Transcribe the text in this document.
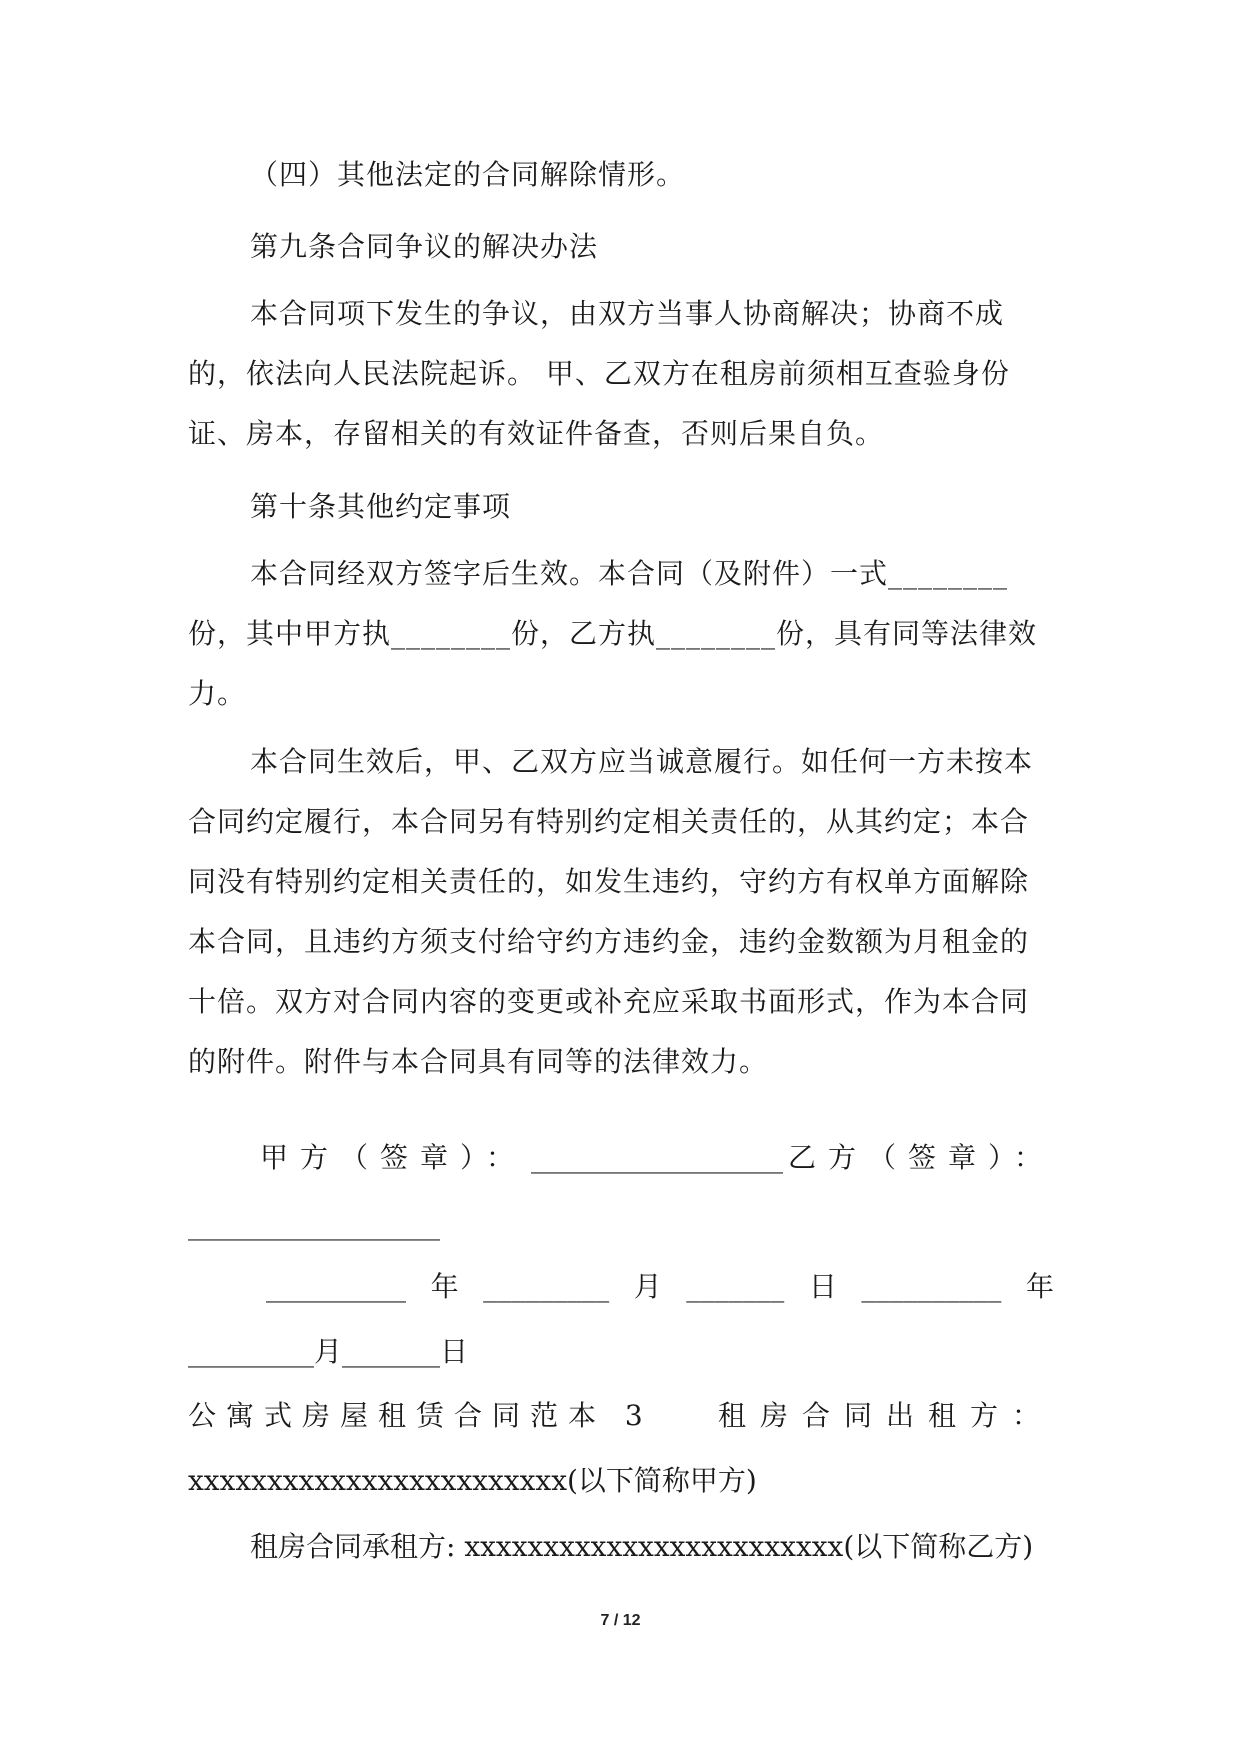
（四）其他法定的合同解除情形。
第九条合同争议的解决办法
本合同项下发生的争议，由双方当事人协商解决；协商不成的，依法向人民法院起诉。 甲、乙双方在租房前须相互查验身份证、房本，存留相关的有效证件备查，否则后果自负。
第十条其他约定事项
本合同经双方签字后生效。本合同（及附件）一式________份，其中甲方执________份，乙方执________份，具有同等法律效力。
本合同生效后，甲、乙双方应当诚意履行。如任何一方未按本合同约定履行，本合同另有特别约定相关责任的，从其约定；本合同没有特别约定相关责任的，如发生违约，守约方有权单方面解除本合同，且违约方须支付给守约方违约金，违约金数额为月租金的十倍。双方对合同内容的变更或补充应采取书面形式，作为本合同的附件。附件与本合同具有同等的法律效力。
甲方（签章）： __________________ 乙方（签章）：
__________________
__________ 年 _________ 月 _______ 日 __________ 年
_________月_______日
公寓式房屋租赁合同范本 3 租房合同出租方：
xxxxxxxxxxxxxxxxxxxxxxxx(以下简称甲方)
租房合同承租方: xxxxxxxxxxxxxxxxxxxxxxxx(以下简称乙方)
7 / 12
